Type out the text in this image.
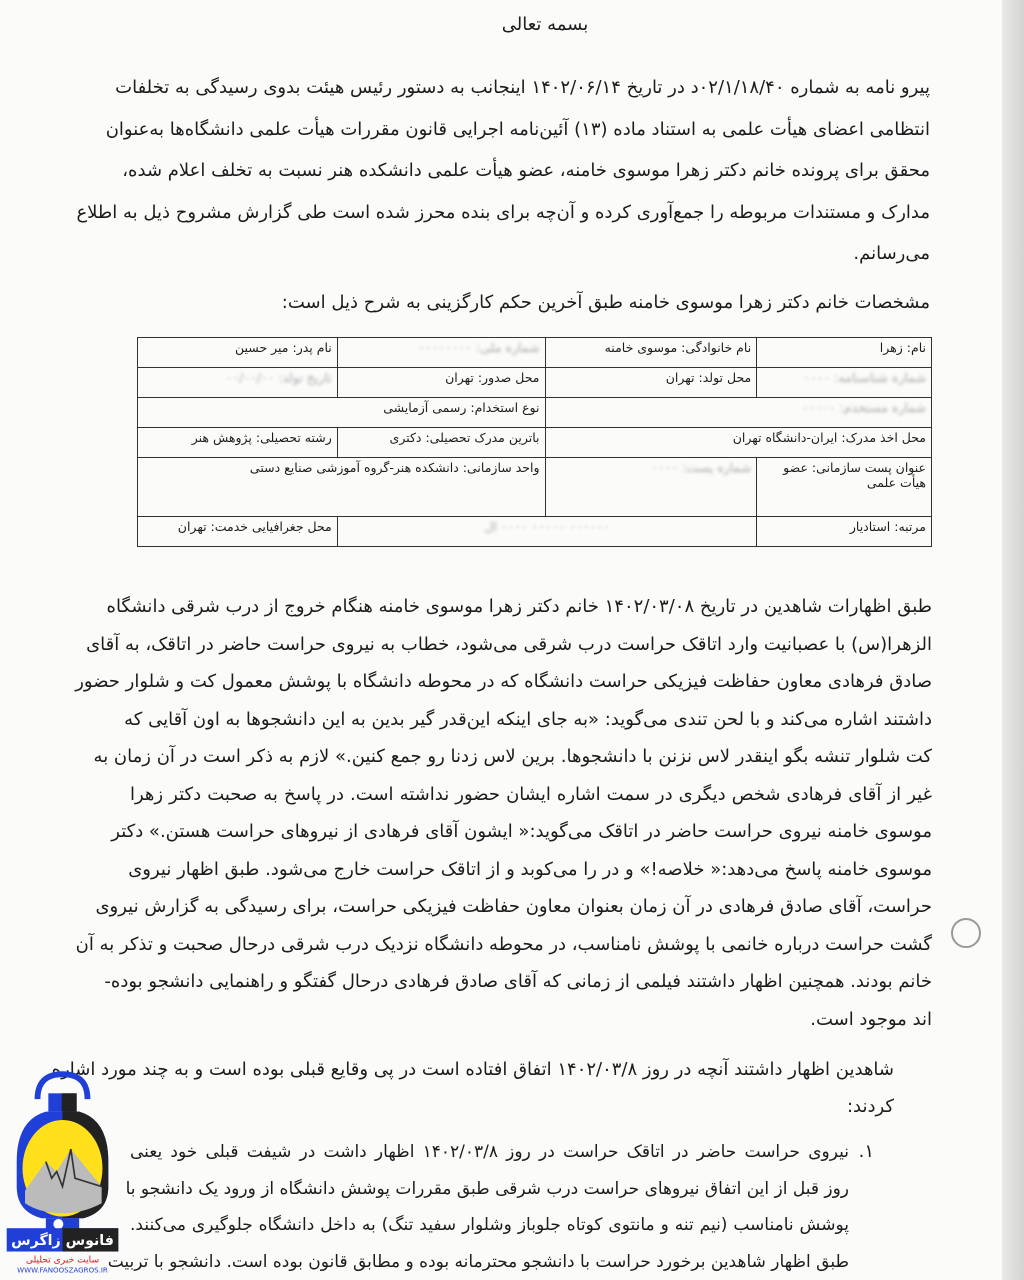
بسمه تعالی
پیرو نامه به شماره ۰۲/۱/۱۸/۴۰د در تاریخ ۱۴۰۲/۰۶/۱۴ اینجانب به دستور رئیس هیئت بدوی رسیدگی به تخلفات
انتظامی اعضای هیأت علمی به استناد ماده (۱۳) آئین‌نامه اجرایی قانون مقررات هیأت علمی دانشگاه‌ها به‌عنوان
محقق برای پرونده خانم دکتر زهرا موسوی خامنه، عضو هیأت علمی دانشکده هنر نسبت به تخلف اعلام شده،
مدارک و مستندات مربوطه را جمع‌آوری کرده و آن‌چه برای بنده محرز شده است طی گزارش مشروح ذیل به اطلاع
می‌رسانم.
مشخصات خانم دکتر زهرا موسوی خامنه طبق آخرین حکم کارگزینی به شرح ذیل است:
نام: زهرا	نام خانوادگی: موسوی خامنه	شماره ملی: ۰۰۰۰۰۰۰۰	نام پدر: میر حسین
شماره شناسنامه: ۰۰۰۰	محل تولد: تهران	محل صدور: تهران	تاریخ تولد: ۰۰/۰۰/۰۰
شماره مستخدم: ۰۰۰۰۰		نوع استخدام: رسمی آزمایشی	
محل اخذ مدرک: ایران-دانشگاه تهران		باترین مدرک تحصیلی: دکتری	رشته تحصیلی: پژوهش هنر
عنوان پست سازمانی: عضو هیأت علمی	شماره پست: ۰۰۰۰	واحد سازمانی: دانشکده هنر-گروه آموزشی صنایع دستی	
مرتبه: استادیار	۰۰۰۰۰۰ ۰۰۰۰۰ ۰۰۰۰ ال		محل جغرافیایی خدمت: تهران
طبق اظهارات شاهدین در تاریخ ۱۴۰۲/۰۳/۰۸ خانم دکتر زهرا موسوی خامنه هنگام خروج از درب شرقی دانشگاه
الزهرا(س) با عصبانیت وارد اتاقک حراست درب شرقی می‌شود، خطاب به نیروی حراست حاضر در اتاقک، به آقای
صادق فرهادی معاون حفاظت فیزیکی حراست دانشگاه که در محوطه دانشگاه با پوشش معمول کت و شلوار حضور
داشتند اشاره می‌کند و با لحن تندی می‌گوید: «به جای اینکه این‌قدر گیر بدین به این دانشجوها به اون آقایی که
کت شلوار تنشه بگو اینقدر لاس نزنن با دانشجوها. برین لاس زدنا رو جمع کنین.» لازم به ذکر است در آن زمان به
غیر از آقای فرهادی شخص دیگری در سمت اشاره ایشان حضور نداشته است. در پاسخ به صحبت دکتر زهرا
موسوی خامنه نیروی حراست حاضر در اتاقک می‌گوید:« ایشون آقای فرهادی از نیروهای حراست هستن.» دکتر
موسوی خامنه پاسخ می‌دهد:« خلاصه!» و در را می‌کوبد و از اتاقک حراست خارج می‌شود. طبق اظهار نیروی
حراست، آقای صادق فرهادی در آن زمان بعنوان معاون حفاظت فیزیکی حراست، برای رسیدگی به گزارش نیروی
گشت حراست درباره خانمی با پوشش نامناسب، در محوطه دانشگاه نزدیک درب شرقی درحال صحبت و تذکر به آن
خانم بودند. همچنین اظهار داشتند فیلمی از زمانی که آقای صادق فرهادی درحال گفتگو و راهنمایی دانشجو بوده-
اند موجود است.
شاهدین اظهار داشتند آنچه در روز ۱۴۰۲/۰۳/۸ اتفاق افتاده است در پی وقایع قبلی بوده است و به چند مورد اشاره
کردند:
۱.
نیروی حراست حاضر در اتاقک حراست در روز ۱۴۰۲/۰۳/۸ اظهار داشت در شیفت قبلی خود یعنی
روز قبل از این اتفاق نیروهای حراست درب شرقی طبق مقررات پوشش دانشگاه از ورود یک دانشجو با
پوشش نامناسب (نیم تنه و مانتوی کوتاه جلوباز وشلوار سفید تنگ) به داخل دانشگاه جلوگیری می‌کنند.
طبق اظهار شاهدین برخورد حراست با دانشجو محترمانه بوده و مطابق قانون بوده است. دانشجو با تربیت
فانوس زاگرس
سایت خبری تحلیلی
WWW.FANOOSZAGROS.IR
